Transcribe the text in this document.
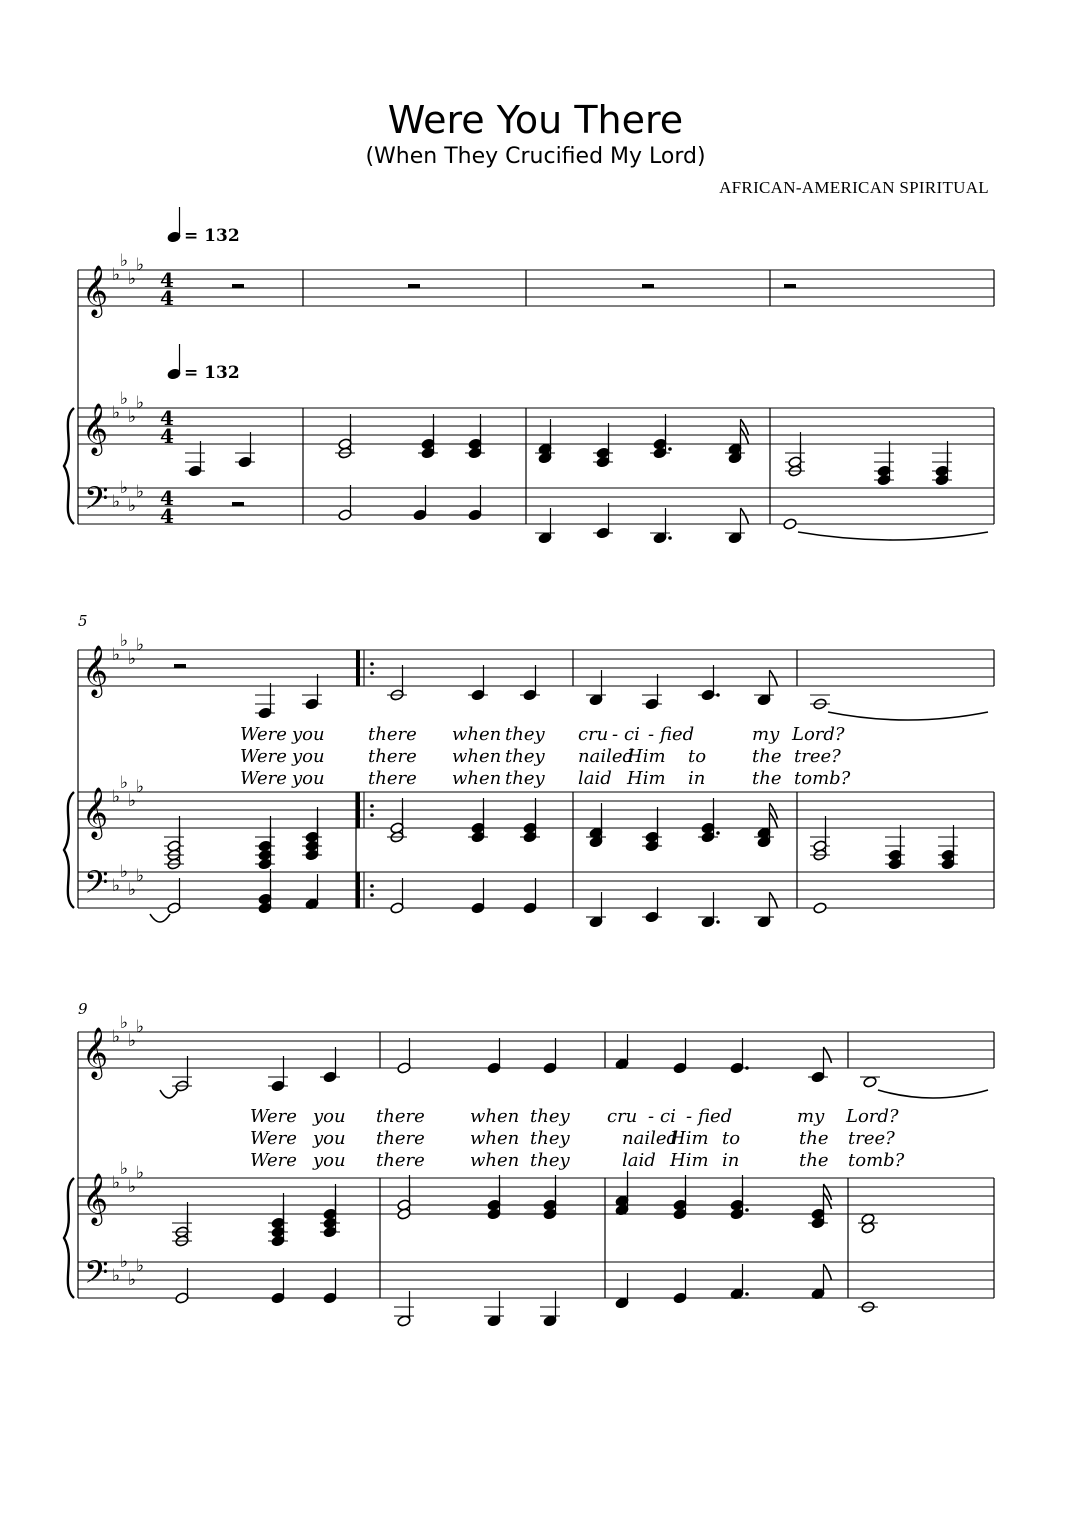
Were You There
(When They Crucified My Lord)
AFRICAN-AMERICAN SPIRITUAL
= 132
= 132
𝄞 ♭
♭
♭
♭
4
4
𝄞 ♭
♭
♭
♭
4
4
𝄢 ♭
♭
♭
♭ 4
4
5
𝄞 ♭
♭
♭
♭
𝄞 ♭
♭
♭
♭
𝄢 ♭
♭
♭
♭
Were you there when they cru - ci - fied	my Lord?
Were you there when they nailed
Him to	the tree?
Were you there when they laid Him in	the tomb?
9
𝄞 ♭
♭
♭
♭
𝄞 ♭
♭
♭
♭
𝄢 ♭
♭
♭
♭
Were you there	when they cru - ci - fied	my Lord?
Were you there	when they	nailed
Him to	the tree?
Were you there	when they	laid Him in	the tomb?
